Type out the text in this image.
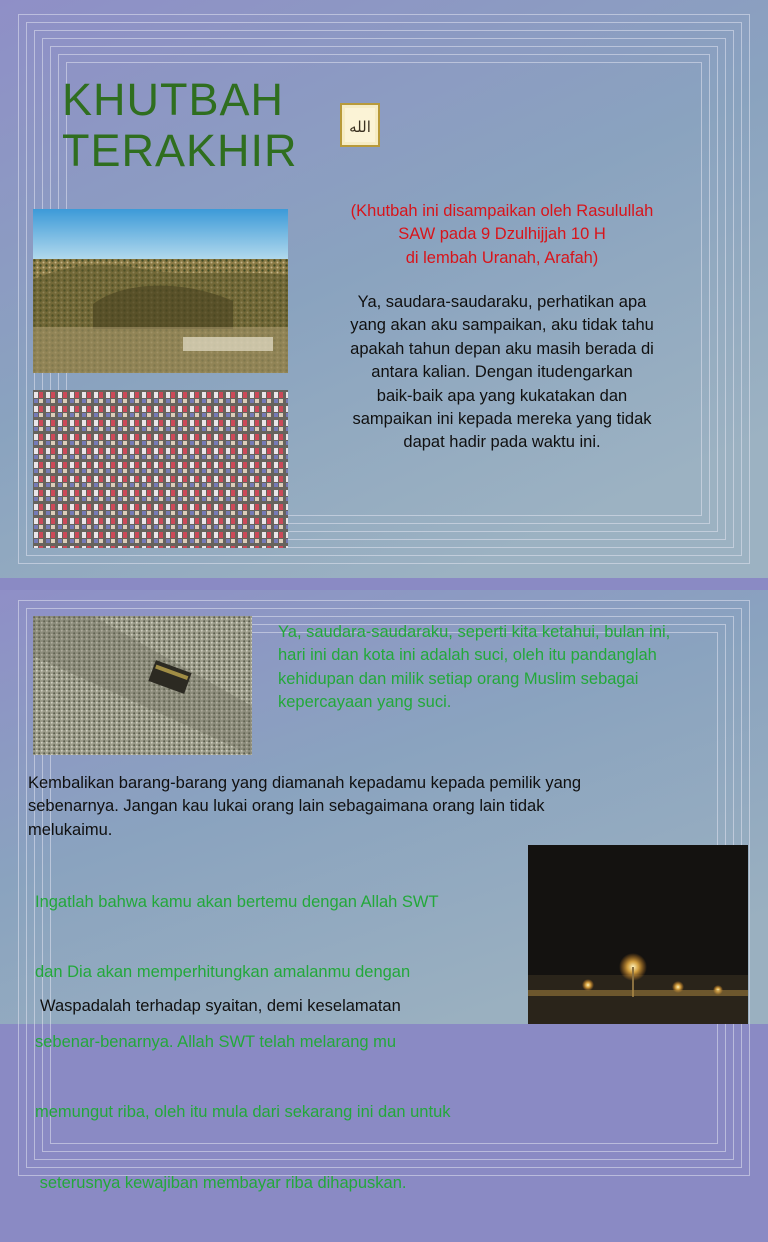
KHUTBAH
TERAKHIR	الله
(Khutbah ini disampaikan oleh Rasulullah
SAW pada 9 Dzulhijjah 10 H
di lembah Uranah, Arafah)
Ya, saudara-saudaraku, perhatikan apa
yang akan aku sampaikan, aku tidak tahu
apakah tahun depan aku masih berada di
antara kalian. Dengan itudengarkan
baik-baik apa yang kukatakan dan
sampaikan ini kepada mereka yang tidak
dapat hadir pada waktu ini.
Ya, saudara-saudaraku, seperti kita ketahui, bulan ini,
hari ini dan kota ini adalah suci, oleh itu pandanglah
kehidupan dan milik setiap orang Muslim sebagai
kepercayaan yang suci.
Kembalikan barang-barang yang diamanah kepadamu kepada pemilik yang
sebenarnya. Jangan kau lukai orang lain sebagaimana orang lain tidak
melukaimu.

Ingatlah bahwa kamu akan bertemu dengan Allah SWT

dan Dia akan memperhitungkan amalanmu dengan

sebenar-benarnya. Allah SWT telah melarang mu

memungut riba, oleh itu mula dari sekarang ini dan untuk

seterusnya kewajiban membayar riba dihapuskan.

Waspadalah terhadap syaitan, demi keselamatan
